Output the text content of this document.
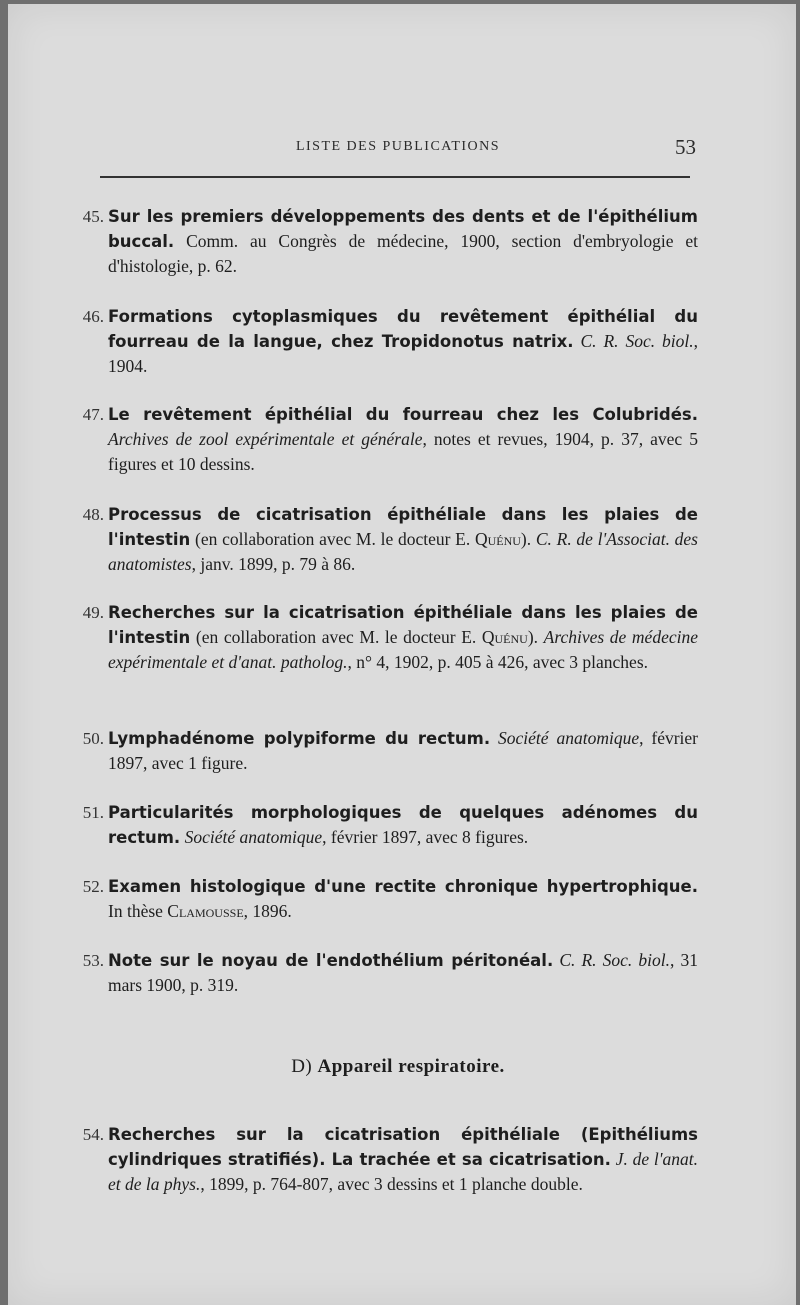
LISTE DES PUBLICATIONS	53
45. Sur les premiers développements des dents et de l'épithélium buccal. Comm. au Congrès de médecine, 1900, section d'embryologie et d'histologie, p. 62.
46. Formations cytoplasmiques du revêtement épithélial du fourreau de la langue, chez Tropidonotus natrix. C. R. Soc. biol., 1904.
47. Le revêtement épithélial du fourreau chez les Colubridés. Archives de zool expérimentale et générale, notes et revues, 1904, p. 37, avec 5 figures et 10 dessins.
48. Processus de cicatrisation épithéliale dans les plaies de l'intestin (en collaboration avec M. le docteur E. Quénu). C. R. de l'Associat. des anatomistes, janv. 1899, p. 79 à 86.
49. Recherches sur la cicatrisation épithéliale dans les plaies de l'intestin (en collaboration avec M. le docteur E. Quénu). Archives de médecine expérimentale et d'anat. patholog., n° 4, 1902, p. 405 à 426, avec 3 planches.
50. Lymphadénome polypiforme du rectum. Société anatomique, février 1897, avec 1 figure.
51. Particularités morphologiques de quelques adénomes du rectum. Société anatomique, février 1897, avec 8 figures.
52. Examen histologique d'une rectite chronique hypertrophique. In thèse Clamousse, 1896.
53. Note sur le noyau de l'endothélium péritonéal. C. R. Soc. biol., 31 mars 1900, p. 319.
D) Appareil respiratoire.
54. Recherches sur la cicatrisation épithéliale (Epithéliums cylindriques stratifiés). La trachée et sa cicatrisation. J. de l'anat. et de la phys., 1899, p. 764-807, avec 3 dessins et 1 planche double.
